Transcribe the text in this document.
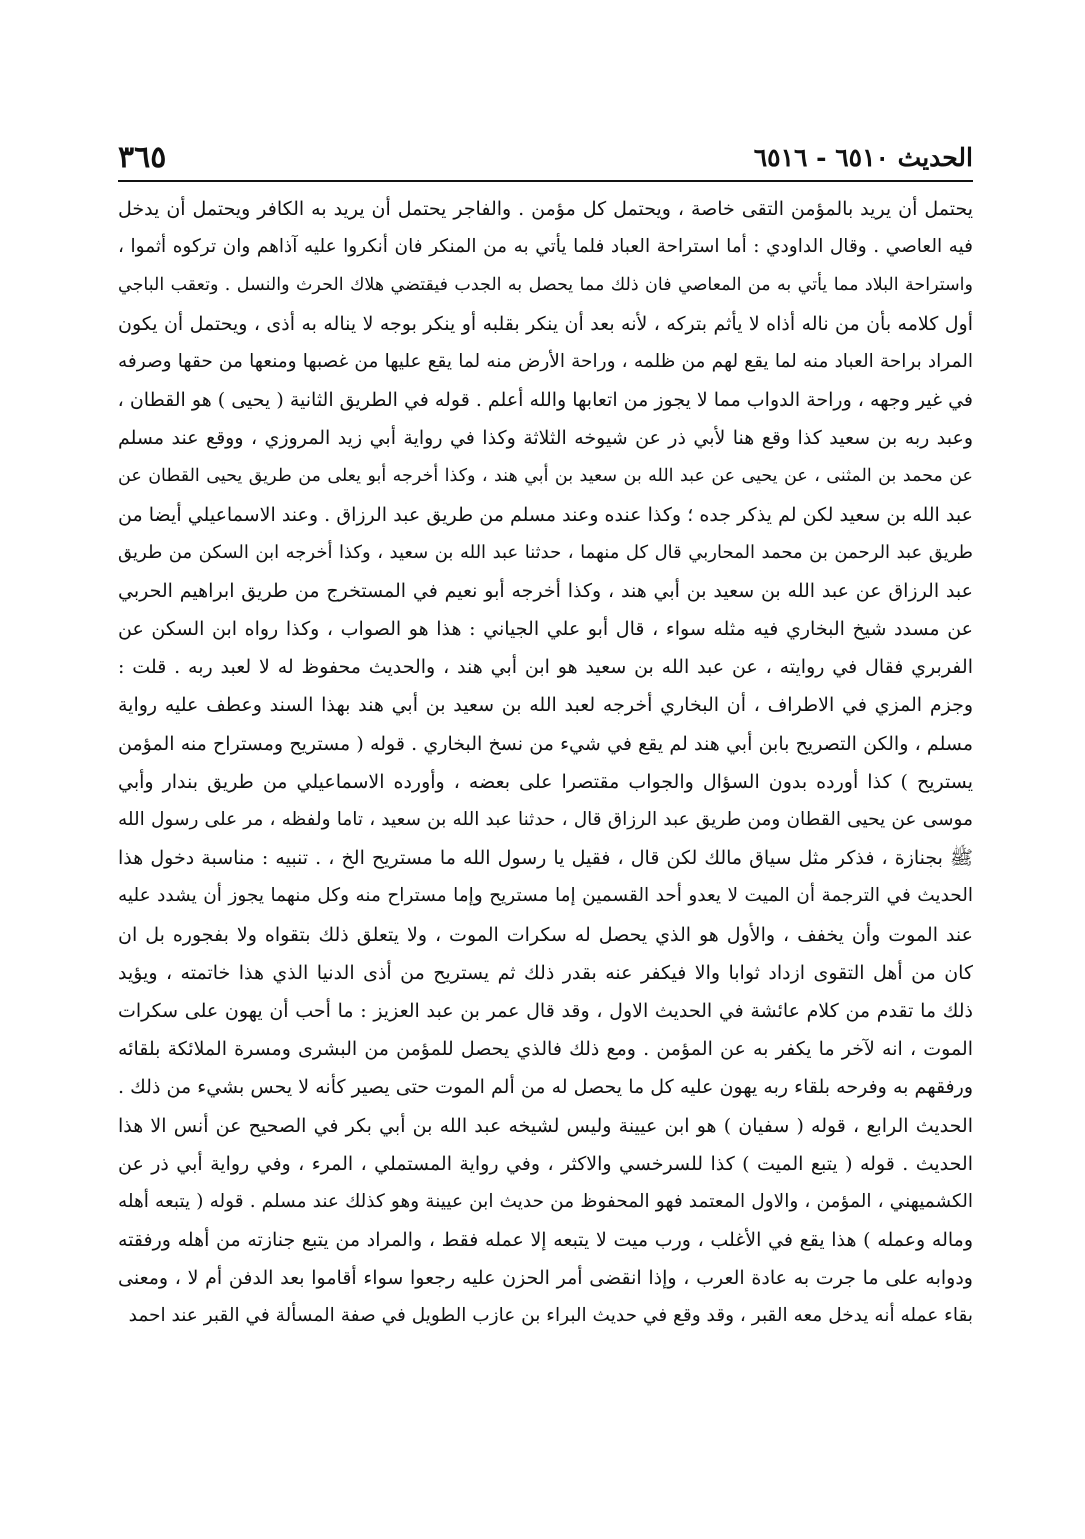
الحديث ٦٥١٠ - ٦٥١٦
٣٦٥
يحتمل أن يريد بالمؤمن التقى خاصة ، ويحتمل كل مؤمن . والفاجر يحتمل أن يريد به الكافر ويحتمل أن يدخل
فيه العاصي . وقال الداودي : أما استراحة العباد فلما يأتي به من المنكر فان أنكروا عليه آذاهم وان تركوه أثموا ،
واستراحة البلاد مما يأتي به من المعاصي فان ذلك مما يحصل به الجدب فيقتضي هلاك الحرث والنسل . وتعقب الباجي
أول كلامه بأن من ناله أذاه لا يأثم بتركه ، لأنه بعد أن ينكر بقلبه أو ينكر بوجه لا يناله به أذى ، ويحتمل أن يكون
المراد براحة العباد منه لما يقع لهم من ظلمه ، وراحة الأرض منه لما يقع عليها من غصبها ومنعها من حقها وصرفه
في غير وجهه ، وراحة الدواب مما لا يجوز من اتعابها والله أعلم . قوله في الطريق الثانية ( يحيى ) هو القطان ،
وعبد ربه بن سعيد كذا وقع هنا لأبي ذر عن شيوخه الثلاثة وكذا في رواية أبي زيد المروزي ، ووقع عند مسلم
عن محمد بن المثنى ، عن يحيى عن عبد الله بن سعيد بن أبي هند ، وكذا أخرجه أبو يعلى من طريق يحيى القطان عن
عبد الله بن سعيد لكن لم يذكر جده ؛ وكذا عنده وعند مسلم من طريق عبد الرزاق . وعند الاسماعيلي أيضا من
طريق عبد الرحمن بن محمد المحاربي قال كل منهما ، حدثنا عبد الله بن سعيد ، وكذا أخرجه ابن السكن من طريق
عبد الرزاق عن عبد الله بن سعيد بن أبي هند ، وكذا أخرجه أبو نعيم في المستخرج من طريق ابراهيم الحربي
عن مسدد شيخ البخاري فيه مثله سواء ، قال أبو علي الجياني : هذا هو الصواب ، وكذا رواه ابن السكن عن
الفربري فقال في روايته ، عن عبد الله بن سعيد هو ابن أبي هند ، والحديث محفوظ له لا لعبد ربه . قلت :
وجزم المزي في الاطراف ، أن البخاري أخرجه لعبد الله بن سعيد بن أبي هند بهذا السند وعطف عليه رواية
مسلم ، والكن التصريح بابن أبي هند لم يقع في شيء من نسخ البخاري . قوله ( مستريح ومستراح منه المؤمن
يستريح ) كذا أورده بدون السؤال والجواب مقتصرا على بعضه ، وأورده الاسماعيلي من طريق بندار وأبي
موسى عن يحيى القطان ومن طريق عبد الرزاق قال ، حدثنا عبد الله بن سعيد ، تاما ولفظه ، مر على رسول الله
ﷺ بجنازة ، فذكر مثل سياق مالك لكن قال ، فقيل يا رسول الله ما مستريح الخ ، . تنبيه : مناسبة دخول هذا
الحديث في الترجمة أن الميت لا يعدو أحد القسمين إما مستريح وإما مستراح منه وكل منهما يجوز أن يشدد عليه
عند الموت وأن يخفف ، والأول هو الذي يحصل له سكرات الموت ، ولا يتعلق ذلك بتقواه ولا بفجوره بل ان
كان من أهل التقوى ازداد ثوابا والا فيكفر عنه بقدر ذلك ثم يستريح من أذى الدنيا الذي هذا خاتمته ، ويؤيد
ذلك ما تقدم من كلام عائشة في الحديث الاول ، وقد قال عمر بن عبد العزيز : ما أحب أن يهون على سكرات
الموت ، انه لآخر ما يكفر به عن المؤمن . ومع ذلك فالذي يحصل للمؤمن من البشرى ومسرة الملائكة بلقائه
ورفقهم به وفرحه بلقاء ربه يهون عليه كل ما يحصل له من ألم الموت حتى يصير كأنه لا يحس بشيء من ذلك .
الحديث الرابع ، قوله ( سفيان ) هو ابن عيينة وليس لشيخه عبد الله بن أبي بكر في الصحيح عن أنس الا هذا
الحديث . قوله ( يتبع الميت ) كذا للسرخسي والاكثر ، وفي رواية المستملي ، المرء ، وفي رواية أبي ذر عن
الكشميهني ، المؤمن ، والاول المعتمد فهو المحفوظ من حديث ابن عيينة وهو كذلك عند مسلم . قوله ( يتبعه أهله
وماله وعمله ) هذا يقع في الأغلب ، ورب ميت لا يتبعه إلا عمله فقط ، والمراد من يتبع جنازته من أهله ورفقته
ودوابه على ما جرت به عادة العرب ، وإذا انقضى أمر الحزن عليه رجعوا سواء أقاموا بعد الدفن أم لا ، ومعنى
بقاء عمله أنه يدخل معه القبر ، وقد وقع في حديث البراء بن عازب الطويل في صفة المسألة في القبر عند احمد
